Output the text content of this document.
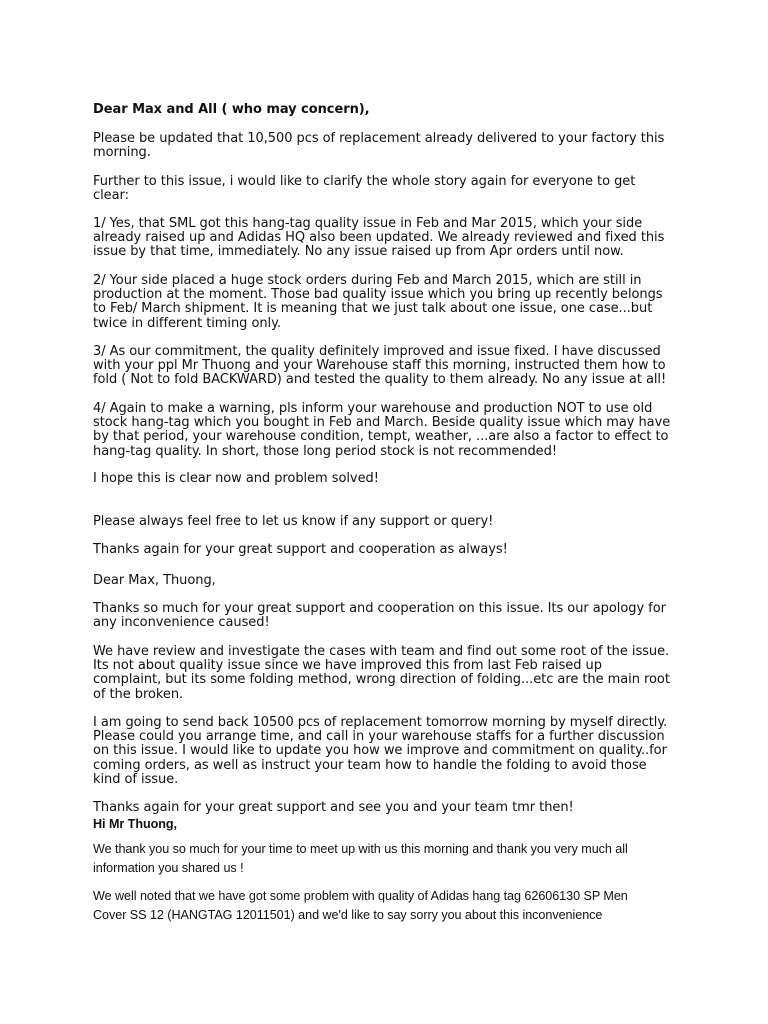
Dear Max and All ( who may concern),

Please be updated that 10,500 pcs of replacement already delivered to your factory this
morning.

Further to this issue, i would like to clarify the whole story again for everyone to get
clear:

1/ Yes, that SML got this hang-tag quality issue in Feb and Mar 2015, which your side
already raised up and Adidas HQ also been updated. We already reviewed and fixed this
issue by that time, immediately. No any issue raised up from Apr orders until now.

2/ Your side placed a huge stock orders during Feb and March 2015, which are still in
production at the moment. Those bad quality issue which you bring up recently belongs
to Feb/ March shipment. It is meaning that we just talk about one issue, one case...but
twice in different timing only.

3/ As our commitment, the quality definitely improved and issue fixed. I have discussed
with your ppl Mr Thuong and your Warehouse staff this morning, instructed them how to
fold ( Not to fold BACKWARD) and tested the quality to them already. No any issue at all!

4/ Again to make a warning, pls inform your warehouse and production NOT to use old
stock hang-tag which you bought in Feb and March. Beside quality issue which may have
by that period, your warehouse condition, tempt, weather, ...are also a factor to effect to
hang-tag quality. In short, those long period stock is not recommended!

I hope this is clear now and problem solved!

Please always feel free to let us know if any support or query!

Thanks again for your great support and cooperation as always!

Dear Max, Thuong,

Thanks so much for your great support and cooperation on this issue. Its our apology for
any inconvenience caused!

We have review and investigate the cases with team and find out some root of the issue.
Its not about quality issue since we have improved this from last Feb raised up
complaint, but its some folding method, wrong direction of folding...etc are the main root
of the broken.

I am going to send back 10500 pcs of replacement tomorrow morning by myself directly.
Please could you arrange time, and call in your warehouse staffs for a further discussion
on this issue. I would like to update you how we improve and commitment on quality..for
coming orders, as well as instruct your team how to handle the folding to avoid those
kind of issue.

Thanks again for your great support and see you and your team tmr then!

Hi Mr Thuong,

We thank you so much for your time to meet up with us this morning and thank you very much all
information you shared us !

We well noted that we have got some problem with quality of Adidas hang tag 62606130 SP Men
Cover SS 12 (HANGTAG 12011501) and we'd like to say sorry you about this inconvenience
